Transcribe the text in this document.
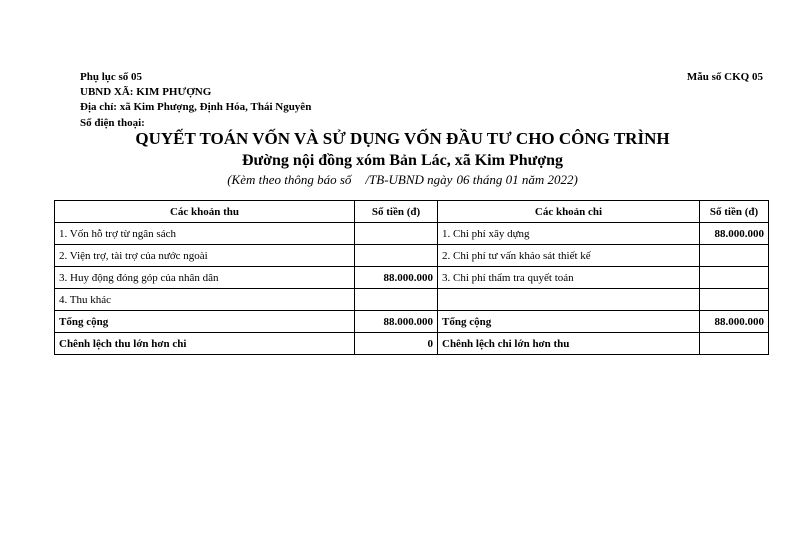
Phụ lục số 05
UBND XÃ: KIM PHƯỢNG
Địa chỉ: xã Kim Phượng, Định Hóa, Thái Nguyên
Số điện thoại:
Mẫu số CKQ 05
QUYẾT TOÁN VỐN VÀ SỬ DỤNG VỐN ĐẦU TƯ CHO CÔNG TRÌNH
Đường nội đồng xóm Bản Lác, xã Kim Phượng
(Kèm theo thông báo số /TB-UBND ngày 06 tháng 01 năm 2022)
Các khoản thu	Số tiền (đ)	Các khoản chi	Số tiền (đ)
1. Vốn hỗ trợ từ ngân sách		1. Chi phí xây dựng	88.000.000
2. Viện trợ, tài trợ của nước ngoài		2. Chi phí tư vấn khảo sát thiết kế	
3. Huy động đóng góp của nhân dân	88.000.000	3. Chi phí thẩm tra quyết toán	
4. Thu khác			
Tổng cộng	88.000.000	Tổng cộng	88.000.000
Chênh lệch thu lớn hơn chi	0	Chênh lệch chi lớn hơn thu	
